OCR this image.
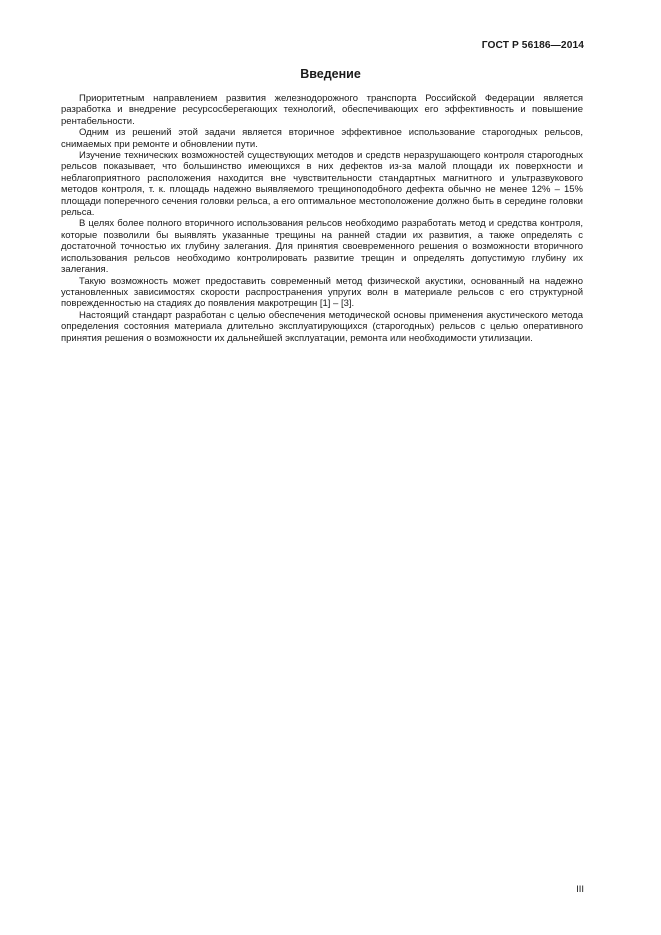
ГОСТ Р 56186—2014
Введение

Приоритетным направлением развития железнодорожного транспорта Российской Федерации является разработка и внедрение ресурсосберегающих технологий, обеспечивающих его эффективность и повышение рентабельности.

Одним из решений этой задачи является вторичное эффективное использование старогодных рельсов, снимаемых при ремонте и обновлении пути.

Изучение технических возможностей существующих методов и средств неразрушающего контроля старогодных рельсов показывает, что большинство имеющихся в них дефектов из-за малой площади их поверхности и неблагоприятного расположения находится вне чувствительности стандартных магнитного и ультразвукового методов контроля, т. к. площадь надежно выявляемого трещиноподобного дефекта обычно не менее 12% – 15% площади поперечного сечения головки рельса, а его оптимальное местоположение должно быть в середине головки рельса.

В целях более полного вторичного использования рельсов необходимо разработать метод и средства контроля, которые позволили бы выявлять указанные трещины на ранней стадии их развития, а также определять с достаточной точностью их глубину залегания. Для принятия своевременного решения о возможности вторичного использования рельсов необходимо контролировать развитие трещин и определять допустимую глубину их залегания.

Такую возможность может предоставить современный метод физической акустики, основанный на надежно установленных зависимостях скорости распространения упругих волн в материале рельсов с его структурной поврежденностью на стадиях до появления макротрещин [1] – [3].

Настоящий стандарт разработан с целью обеспечения методической основы применения акустического метода определения состояния материала длительно эксплуатирующихся (старогодных) рельсов с целью оперативного принятия решения о возможности их дальнейшей эксплуатации, ремонта или необходимости утилизации.

III
